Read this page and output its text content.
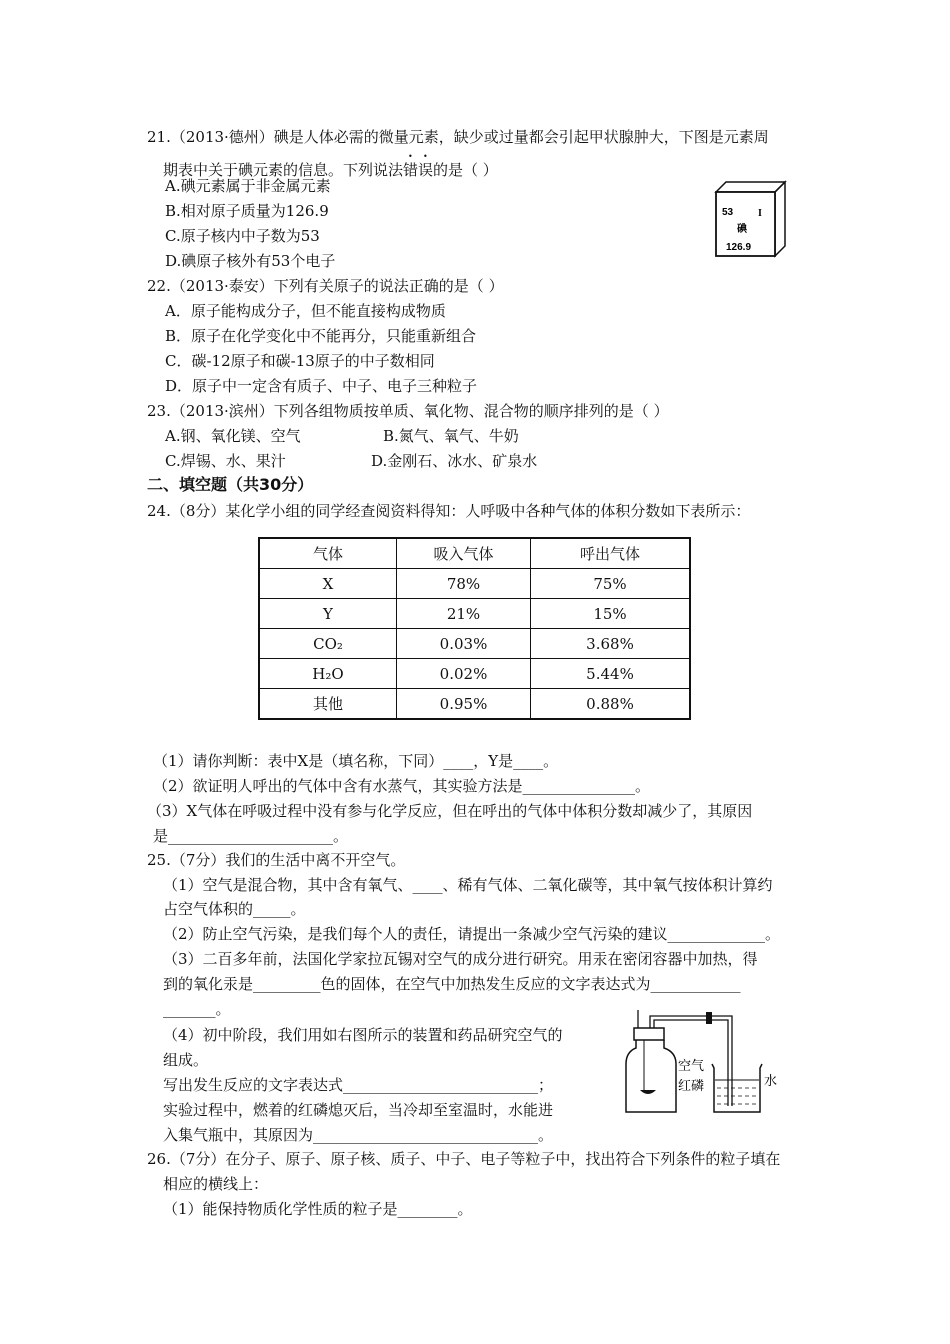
21.（2013·德州）碘是人体必需的微量元素，缺少或过量都会引起甲状腺肿大，下图是元素周
期表中关于碘元素的信息。下列说法错误的是（ ）
A.碘元素属于非金属元素
B.相对原子质量为126.9
C.原子核内中子数为53
D.碘原子核外有53个电子
53 I
碘
126.9
22.（2013·泰安）下列有关原子的说法正确的是（ ）
A．原子能构成分子，但不能直接构成物质
B．原子在化学变化中不能再分，只能重新组合
C．碳-12原子和碳-13原子的中子数相同
D．原子中一定含有质子、中子、电子三种粒子
23.（2013·滨州）下列各组物质按单质、氧化物、混合物的顺序排列的是（ ）
A.钢、氧化镁、空气	B.氮气、氧气、牛奶
C.焊锡、水、果汁	D.金刚石、冰水、矿泉水
二、填空题（共30分）
24.（8分）某化学小组的同学经查阅资料得知：人呼吸中各种气体的体积分数如下表所示：
气体	吸入气体	呼出气体
X	78%	75%
Y	21%	15%
CO₂	0.03%	3.68%
H₂O	0.02%	5.44%
其他	0.95%	0.88%
（1）请你判断：表中X是（填名称，下同）____，Y是____。
（2）欲证明人呼出的气体中含有水蒸气，其实验方法是_______________。
（3）X气体在呼吸过程中没有参与化学反应，但在呼出的气体中体积分数却减少了，其原因
是______________________。
25.（7分）我们的生活中离不开空气。
（1）空气是混合物，其中含有氧气、____、稀有气体、二氧化碳等，其中氧气按体积计算约
占空气体积的_____。
（2）防止空气污染，是我们每个人的责任，请提出一条减少空气污染的建议_____________。
（3）二百多年前，法国化学家拉瓦锡对空气的成分进行研究。用汞在密闭容器中加热，得
到的氧化汞是_________色的固体，在空气中加热发生反应的文字表达式为____________
_______。
（4）初中阶段，我们用如右图所示的装置和药品研究空气的
组成。
写出发生反应的文字表达式__________________________；
实验过程中，燃着的红磷熄灭后，当冷却至室温时，水能进
入集气瓶中，其原因为______________________________。
空气
红磷	水
26.（7分）在分子、原子、原子核、质子、中子、电子等粒子中，找出符合下列条件的粒子填在
相应的横线上：
（1）能保持物质化学性质的粒子是________。
